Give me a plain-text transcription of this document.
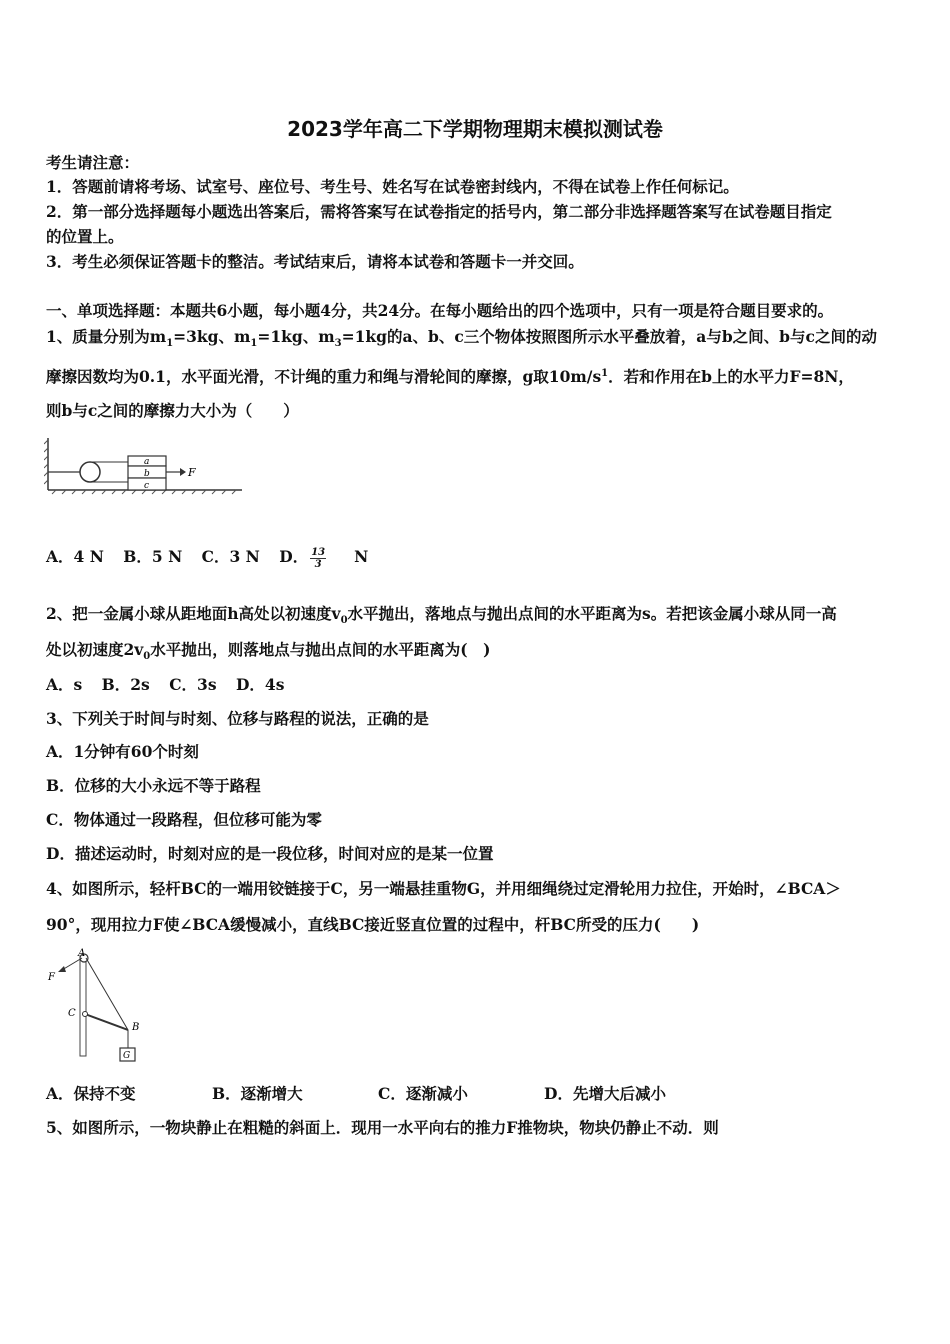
2023学年高二下学期物理期末模拟测试卷
考生请注意：
1．答题前请将考场、试室号、座位号、考生号、姓名写在试卷密封线内，不得在试卷上作任何标记。
2．第一部分选择题每小题选出答案后，需将答案写在试卷指定的括号内，第二部分非选择题答案写在试卷题目指定
的位置上。
3．考生必须保证答题卡的整洁。考试结束后，请将本试卷和答题卡一并交回。
一、单项选择题：本题共6小题，每小题4分，共24分。在每小题给出的四个选项中，只有一项是符合题目要求的。
1、质量分别为$m_1=3kg$、$m_1=1kg$、$m_3=1kg$的a、b、c三个物体按照图所示水平叠放着，a与b之间、b与c之间的动
摩擦因数均为0.1，水平面光滑，不计绳的重力和绳与滑轮间的摩擦，g取$10m/s^1$．若和作用在b上的水平力F=8N，
则b与c之间的摩擦力大小为（　　）
a
b
c
F
A．4 N B．5 N C．3 N D． $\frac{13}{3}$ N
2、把一金属小球从距地面h高处以初速度$v_0$水平抛出，落地点与抛出点间的水平距离为s。若把该金属小球从同一高
处以初速度$2v_0$水平抛出，则落地点与抛出点间的水平距离为(　)
A．s B．2s C．3s D．4s
3、下列关于时间与时刻、位移与路程的说法，正确的是
A．1分钟有60个时刻
B．位移的大小永远不等于路程
C．物体通过一段路程，但位移可能为零
D．描述运动时，时刻对应的是一段位移，时间对应的是某一位置
4、如图所示，轻杆BC的一端用铰链接于C，另一端悬挂重物G，并用细绳绕过定滑轮用力拉住，开始时，∠BCA＞
90°，现用拉力F使∠BCA缓慢减小，直线BC接近竖直位置的过程中，杆BC所受的压力(　　)
G
A
F
C
B
A．保持不变	B．逐渐增大	C．逐渐减小	D．先增大后减小
5、如图所示，一物块静止在粗糙的斜面上．现用一水平向右的推力F推物块，物块仍静止不动．则
